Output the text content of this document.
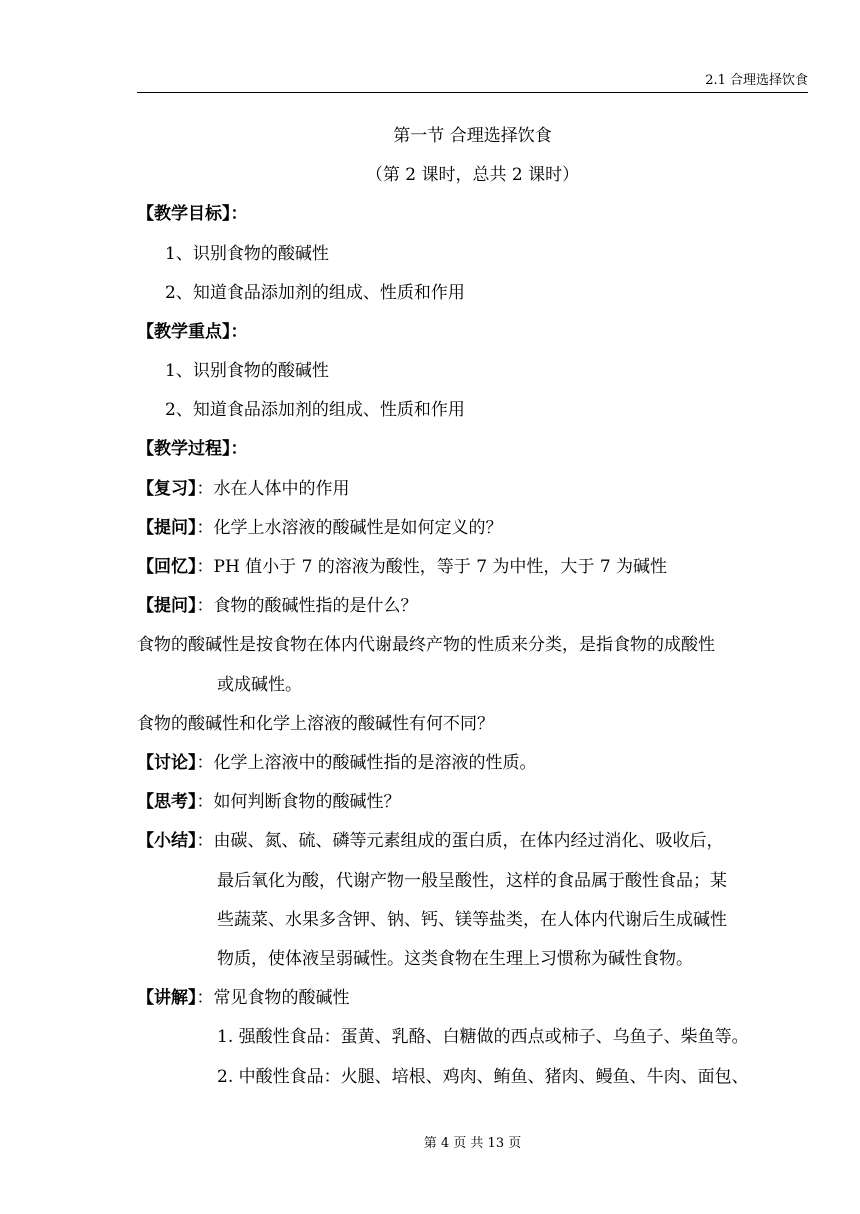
2.1 合理选择饮食
第一节 合理选择饮食
（第 2 课时，总共 2 课时）
【教学目标】：
1、识别食物的酸碱性
2、知道食品添加剂的组成、性质和作用
【教学重点】：
1、识别食物的酸碱性
2、知道食品添加剂的组成、性质和作用
【教学过程】：
【复习】：水在人体中的作用
【提问】：化学上水溶液的酸碱性是如何定义的？
【回忆】：PH 值小于 7 的溶液为酸性，等于 7 为中性，大于 7 为碱性
【提问】：食物的酸碱性指的是什么？
食物的酸碱性是按食物在体内代谢最终产物的性质来分类，是指食物的成酸性
或成碱性。
食物的酸碱性和化学上溶液的酸碱性有何不同？
【讨论】：化学上溶液中的酸碱性指的是溶液的性质。
【思考】：如何判断食物的酸碱性？
【小结】：由碳、氮、硫、磷等元素组成的蛋白质，在体内经过消化、吸收后，
最后氧化为酸，代谢产物一般呈酸性，这样的食品属于酸性食品；某
些蔬菜、水果多含钾、钠、钙、镁等盐类，在人体内代谢后生成碱性
物质，使体液呈弱碱性。这类食物在生理上习惯称为碱性食物。
【讲解】：常见食物的酸碱性
1. 强酸性食品：蛋黄、乳酪、白糖做的西点或柿子、乌鱼子、柴鱼等。
2. 中酸性食品：火腿、培根、鸡肉、鲔鱼、猪肉、鳗鱼、牛肉、面包、
第 4 页 共 13 页
